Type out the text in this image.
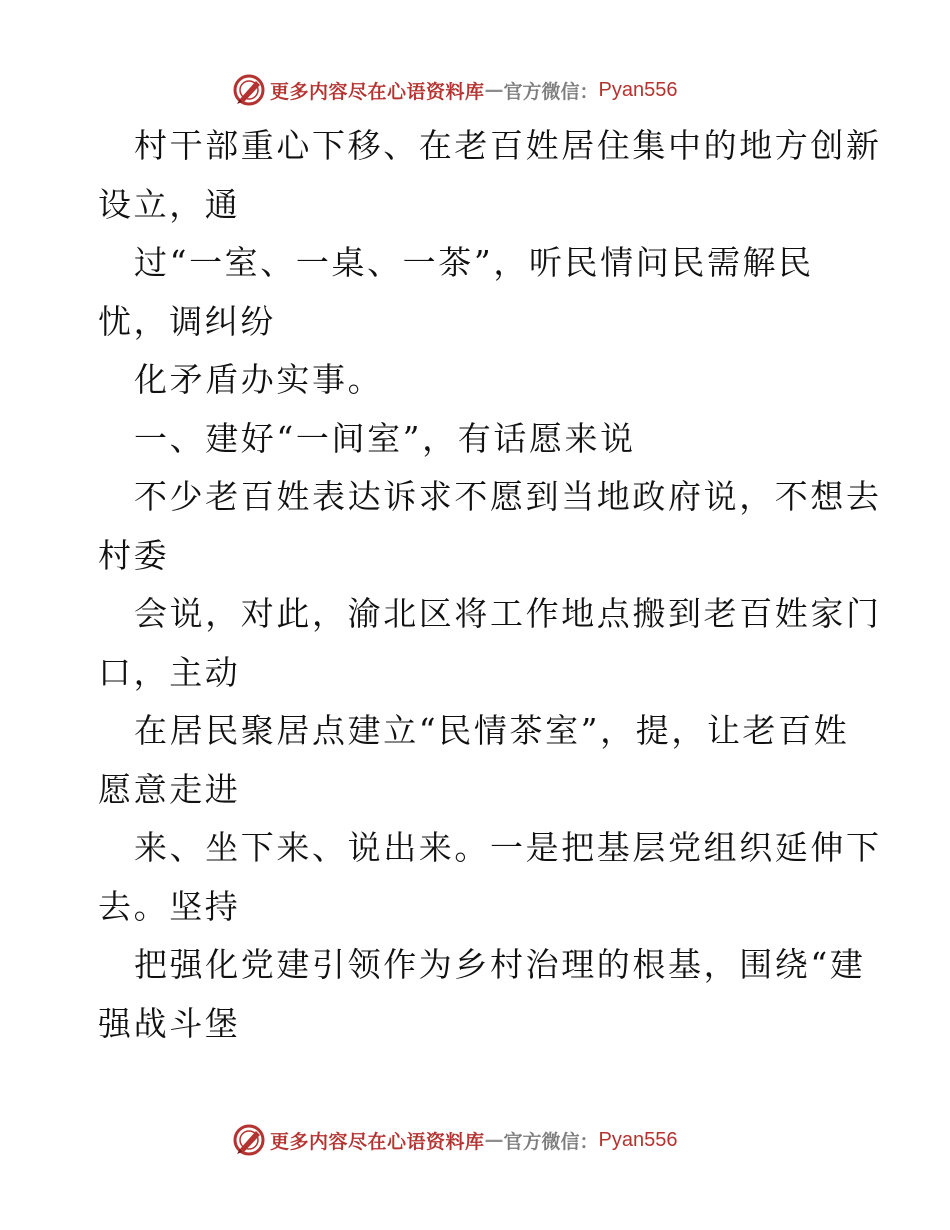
更多内容尽在心语资料库 — 官方微信： Pyan556
村干部重心下移、在老百姓居住集中的地方创新
设立，通
过“一室、一桌、一茶”，听民情问民需解民
忧，调纠纷
化矛盾办实事。
一、建好“一间室”，有话愿来说
不少老百姓表达诉求不愿到当地政府说，不想去
村委
会说，对此，渝北区将工作地点搬到老百姓家门
口，主动
在居民聚居点建立“民情茶室”，提，让老百姓
愿意走进
来、坐下来、说出来。一是把基层党组织延伸下
去。坚持
把强化党建引领作为乡村治理的根基，围绕“建
强战斗堡
更多内容尽在心语资料库 — 官方微信： Pyan556
